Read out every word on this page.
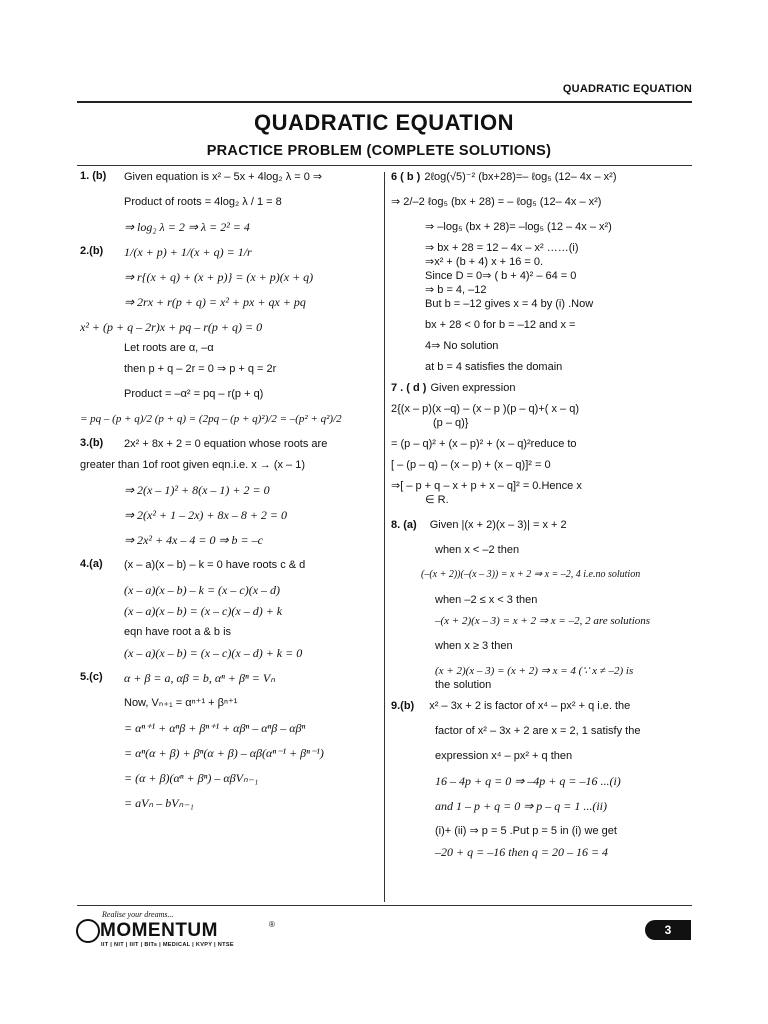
QUADRATIC EQUATION
QUADRATIC EQUATION
PRACTICE PROBLEM (COMPLETE SOLUTIONS)
1. (b) Given equation is x² – 5x + 4log₂ λ = 0 ⇒
Product of roots = 4log₂ λ / 1 = 8
⇒ log₂ λ = 2 ⇒ λ = 2² = 4
2.(b) 1/(x + p) + 1/(x + q) = 1/r
⇒ r{(x + q) + (x + p)} = (x + p)(x + q)
⇒ 2rx + r(p + q) = x² + px + qx + pq
x² + (p + q – 2r)x + pq – r(p + q) = 0
Let roots are α, –α
then p + q – 2r = 0 ⇒ p + q = 2r
Product = –α² = pq – r(p + q)
= pq – (p + q)/2 (p + q) = (2pq – (p + q)²)/2 = –(p² + q²)/2
3.(b) 2x² + 8x + 2 = 0 equation whose roots are
greater than 1of root given eqn.i.e. x → (x – 1)
⇒ 2(x – 1)² + 8(x – 1) + 2 = 0
⇒ 2(x² + 1 – 2x) + 8x – 8 + 2 = 0
⇒ 2x² + 4x – 4 = 0 ⇒ b = –c
4.(a) (x – a)(x – b) – k = 0 have roots c & d
(x – a)(x – b) – k = (x – c)(x – d)
(x – a)(x – b) = (x – c)(x – d) + k
eqn have root a & b is
(x – a)(x – b) = (x – c)(x – d) + k = 0
5.(c) α + β = a, αβ = b, αⁿ + βⁿ = Vₙ
Now, Vₙ₊₁ = αⁿ⁺¹ + βⁿ⁺¹
= αⁿ⁺¹ + αⁿβ + βⁿ⁺¹ + αβⁿ – αⁿβ – αβⁿ
= αⁿ(α + β) + βⁿ(α + β) – αβ(αⁿ⁻¹ + βⁿ⁻¹)
= (α + β)(αⁿ + βⁿ) – αβVₙ₋₁
= aVₙ – bVₙ₋₁
6 ( b ) 2ℓog(√5)⁻² (bx+28)=– ℓog₅ (12– 4x – x²)
⇒ 2/–2 ℓog₅ (bx + 28) = – ℓog₅ (12– 4x – x²)
⇒ –log₅ (bx + 28)= –log₅ (12 – 4x – x²)
⇒ bx + 28 = 12 – 4x – x² ……(i)
⇒x² + (b + 4) x + 16 = 0.
Since D = 0⇒ ( b + 4)² – 64 = 0
⇒ b = 4, –12
But b = –12 gives x = 4 by (i) .Now
bx + 28 < 0 for b = –12 and x =
4⇒ No solution
at b = 4 satisfies the domain
7 . ( d ) Given expression
2{(x – p)(x –q) – (x – p )(p – q)+( x – q)
(p – q)}
= (p – q)² + (x – p)² + (x – q)²reduce to
[ – (p – q) – (x – p) + (x – q)]² = 0
⇒[ – p + q – x + p + x – q]² = 0.Hence x
∈ R.
8. (a) Given |(x + 2)(x – 3)| = x + 2
when x < –2 then
(–(x + 2))(–(x – 3)) = x + 2 ⇒ x = –2, 4 i.e.no solution
when –2 ≤ x < 3 then
–(x + 2)(x – 3) = x + 2 ⇒ x = –2, 2 are solutions
when x ≥ 3 then
(x + 2)(x – 3) = (x + 2) ⇒ x = 4 (∵ x ≠ –2) is
the solution
9.(b) x² – 3x + 2 is factor of x⁴ – px² + q i.e. the
factor of x² – 3x + 2 are x = 2, 1 satisfy the
expression x⁴ – px² + q then
16 – 4p + q = 0 ⇒ –4p + q = –16 ...(i)
and 1 – p + q = 0 ⇒ p – q = 1 ...(ii)
(i)+ (ii) ⇒ p = 5 .Put p = 5 in (i) we get
–20 + q = –16 then q = 20 – 16 = 4
Realise your dreams...
MOMENTUM	®
IIT | NIT | IIIT | BITs | MEDICAL | KVPY | NTSE
3
